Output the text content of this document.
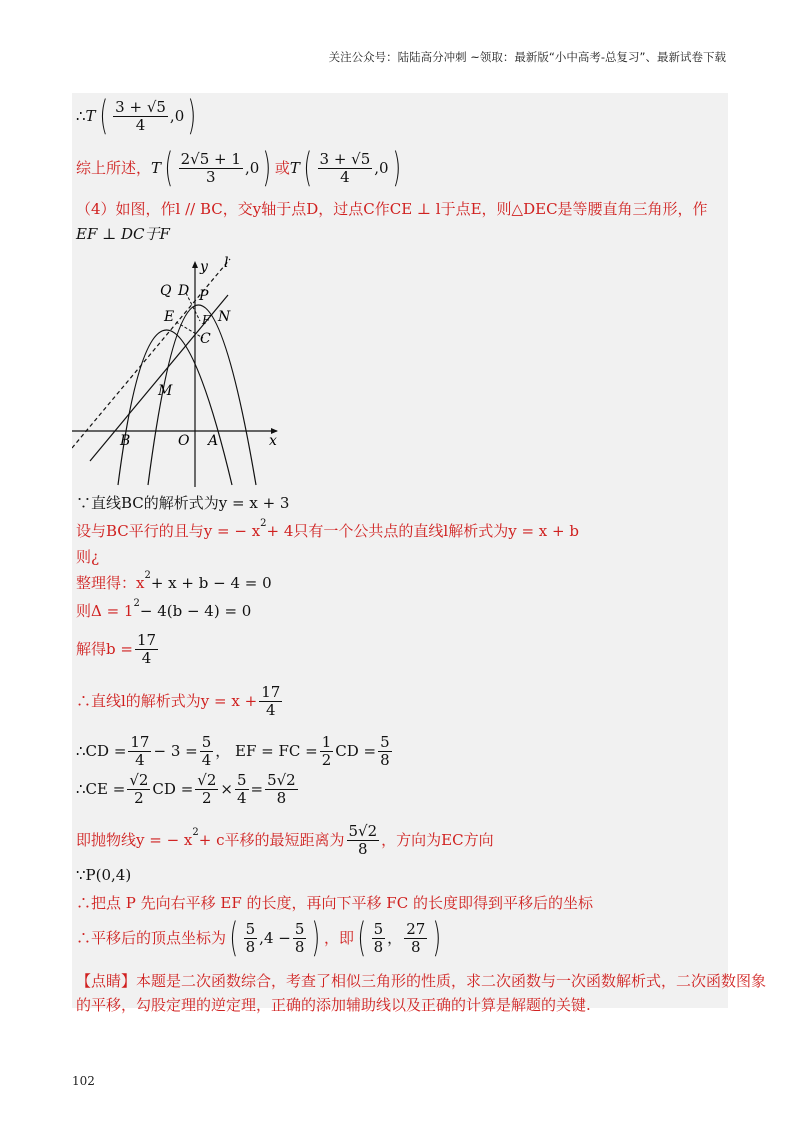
关注公众号：陆陆高分冲刺 ~领取：最新版“小中高考-总复习”、最新试卷下载
∴ T ( $\frac{3 + √5}{4}$ , 0 )
综上所述， T ( $\frac{2√5 + 1}{3}$ , 0 ) 或 T ( $\frac{3 + √5}{4}$ , 0 )
（4）如图，作l // BC，交y轴于点D，过点C作CE ⊥ l于点E，则△DEC是等腰直角三角形，作
EF ⊥ DC于F
∵直线BC的解析式为y = x + 3
设与BC平行的且与y = − x 2 + 4只有一个公共点的直线l解析式为y = x + b
则¿
整理得：x 2 + x + b − 4 = 0
则Δ = 1 2 − 4(b − 4) = 0
解得$b = \frac{17}{4}$
∴直线l的解析式为$y = x + \frac{17}{4}$
∴CD = $\frac{17}{4} - 3 = \frac{5}{4}$ ， EF = FC = $\frac{1}{2}$ CD = $\frac{5}{8}$
∴CE = $\frac{√2}{2}$ CD = $\frac{√2}{2} \times \frac{5}{4} = \frac{5√2}{8}$
即抛物线y = − x 2 + c平移的最短距离为 $\frac{5√2}{8}$ ，方向为EC方向
∵P(0,4)
∴把点 P 先向右平移 EF 的长度，再向下平移 FC 的长度即得到平移后的坐标
∴平移后的顶点坐标为 ( $\frac{5}{8}$ , $4 - \frac{5}{8}$ ) ，即 ( $\frac{5}{8}$ ， $\frac{27}{8}$ )
【点睛】本题是二次函数综合，考查了相似三角形的性质，求二次函数与一次函数解析式，二次函数图象
的平移，勾股定理的逆定理，正确的添加辅助线以及正确的计算是解题的关键.
y l
Q D P
E F N
C
M
B	O A	x
102
